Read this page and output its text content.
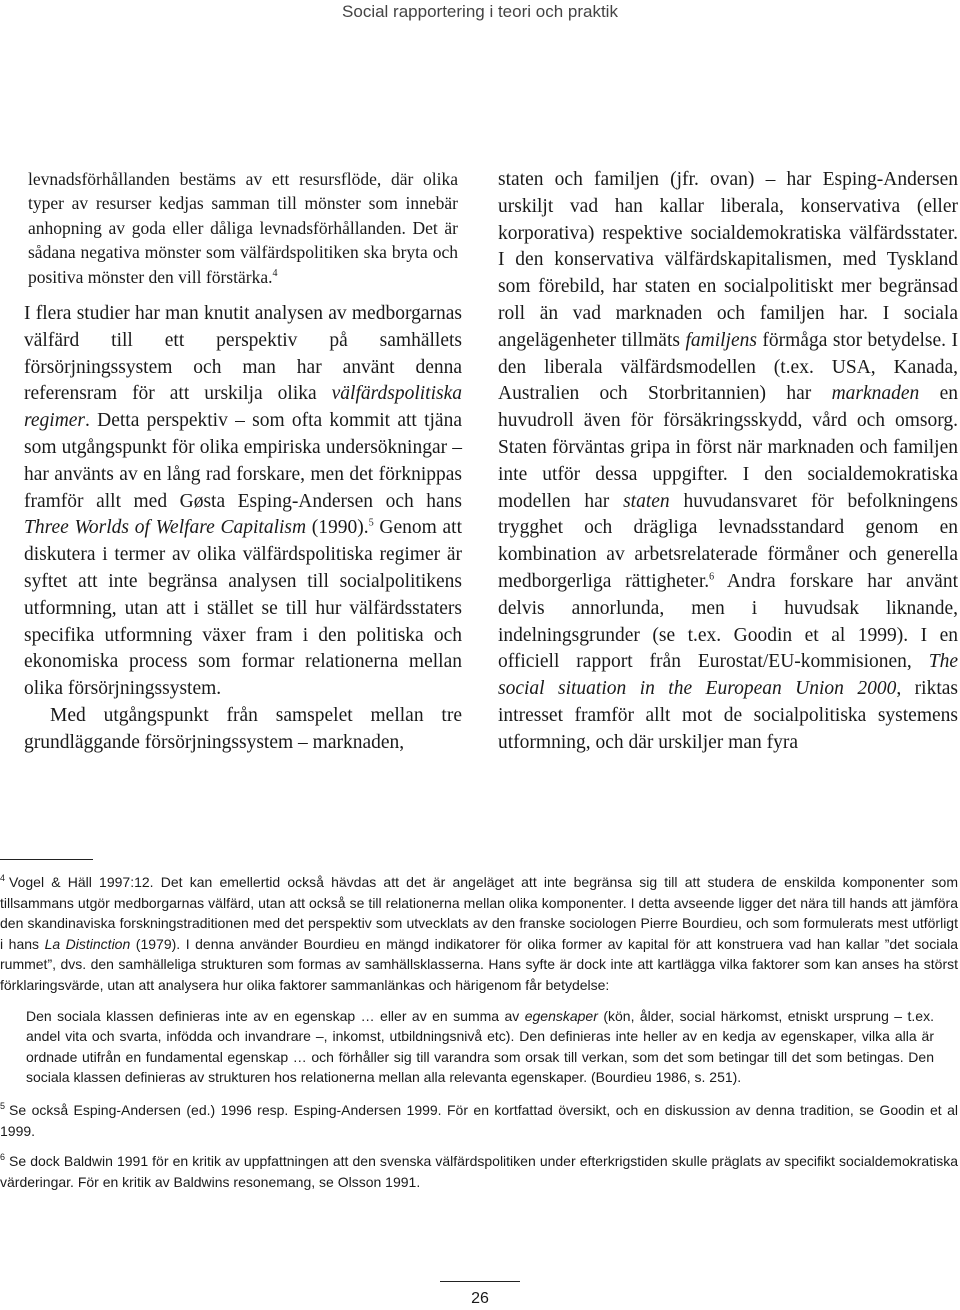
Social rapportering i teori och praktik

levnadsförhållanden bestäms av ett resursflöde, där olika typer av resurser kedjas samman till mönster som innebär anhopning av goda eller dåliga levnadsförhållanden. Det är sådana negativa mönster som välfärdspolitiken ska bryta och positiva mönster den vill förstärka.$^4$

I flera studier har man knutit analysen av medborgarnas välfärd till ett perspektiv på samhällets försörjningssystem och man har använt denna referensram för att urskilja olika välfärdspolitiska regimer. Detta perspektiv – som ofta kommit att tjäna som utgångspunkt för olika empiriska undersökningar – har använts av en lång rad forskare, men det förknippas framför allt med Gøsta Esping-Andersen och hans Three Worlds of Welfare Capitalism (1990).$^5$ Genom att diskutera i termer av olika välfärdspolitiska regimer är syftet att inte begränsa analysen till socialpolitikens utformning, utan att i stället se till hur välfärdsstaters specifika utformning växer fram i den politiska och ekonomiska process som formar relationerna mellan olika försörjningssystem.

Med utgångspunkt från samspelet mellan tre grundläggande försörjningssystem – marknaden,

staten och familjen (jfr. ovan) – har Esping-Andersen urskiljt vad han kallar liberala, konservativa (eller korporativa) respektive socialdemokratiska välfärdsstater. I den konservativa välfärdskapitalismen, med Tyskland som förebild, har staten en socialpolitiskt mer begränsad roll än vad marknaden och familjen har. I sociala angelägenheter tillmäts familjens förmåga stor betydelse. I den liberala välfärdsmodellen (t.ex. USA, Kanada, Australien och Storbritannien) har marknaden en huvudroll även för försäkringsskydd, vård och omsorg. Staten förväntas gripa in först när marknaden och familjen inte utför dessa uppgifter. I den socialdemokratiska modellen har staten huvudansvaret för befolkningens trygghet och drägliga levnadsstandard genom en kombination av arbetsrelaterade förmåner och generella medborgerliga rättigheter.$^6$ Andra forskare har använt delvis annorlunda, men i huvudsak liknande, indelningsgrunder (se t.ex. Goodin et al 1999). I en officiell rapport från Eurostat/EU-kommisionen, The social situation in the European Union 2000, riktas intresset framför allt mot de socialpolitiska systemens utformning, och där urskiljer man fyra

$^4$ Vogel & Häll 1997:12. Det kan emellertid också hävdas att det är angeläget att inte begränsa sig till att studera de enskilda komponenter som tillsammans utgör medborgarnas välfärd, utan att också se till relationerna mellan olika komponenter. I detta avseende ligger det nära till hands att jämföra den skandinaviska forskningstraditionen med det perspektiv som utvecklats av den franske sociologen Pierre Bourdieu, och som formulerats mest utförligt i hans La Distinction (1979). I denna använder Bourdieu en mängd indikatorer för olika former av kapital för att konstruera vad han kallar ”det sociala rummet”, dvs. den samhälleliga strukturen som formas av samhällsklasserna. Hans syfte är dock inte att kartlägga vilka faktorer som kan anses ha störst förklaringsvärde, utan att analysera hur olika faktorer sammanlänkas och härigenom får betydelse:

Den sociala klassen definieras inte av en egenskap … eller av en summa av egenskaper (kön, ålder, social härkomst, etniskt ursprung – t.ex. andel vita och svarta, infödda och invandrare –, inkomst, utbildningsnivå etc). Den definieras inte heller av en kedja av egenskaper, vilka alla är ordnade utifrån en fundamental egenskap … och förhåller sig till varandra som orsak till verkan, som det som betingar till det som betingas. Den sociala klassen definieras av strukturen hos relationerna mellan alla relevanta egenskaper. (Bourdieu 1986, s. 251).

$^5$ Se också Esping-Andersen (ed.) 1996 resp. Esping-Andersen 1999. För en kortfattad översikt, och en diskussion av denna tradition, se Goodin et al 1999.

$^6$ Se dock Baldwin 1991 för en kritik av uppfattningen att den svenska välfärdspolitiken under efterkrigstiden skulle präglats av specifikt socialdemokratiska värderingar. För en kritik av Baldwins resonemang, se Olsson 1991.

26
